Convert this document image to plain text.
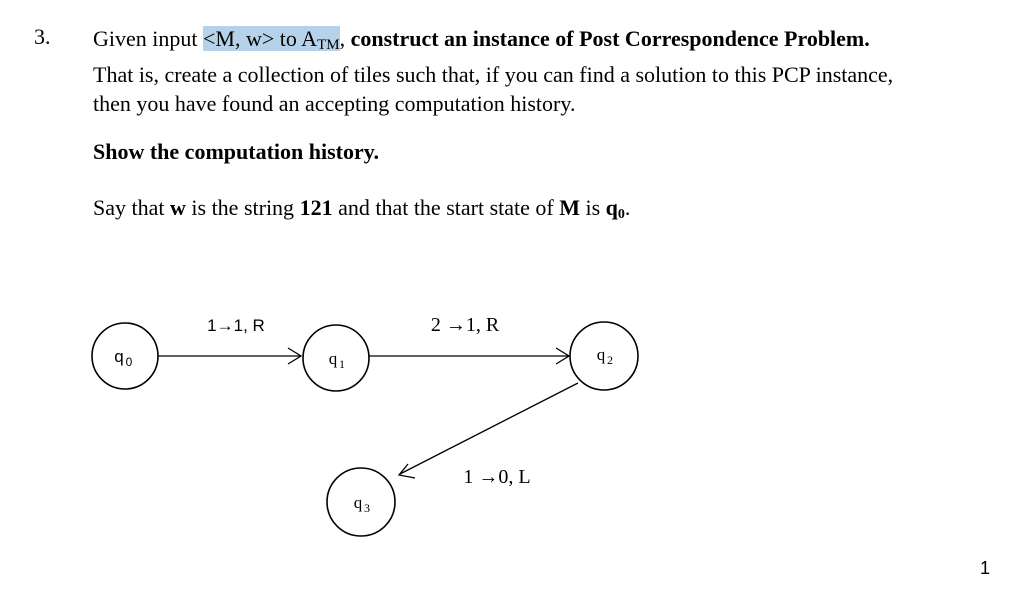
3. Given input <M, w> to $A_{TM}$, construct an instance of Post Correspondence Problem.
That is, create a collection of tiles such that, if you can find a solution to this PCP instance,
then you have found an accepting computation history.
Show the computation history.
Say that w is the string 121 and that the start state of M is q0.
q 0	q 1	q 2
q 3
1→1, R	2 →1, R
1 →0, L
1
